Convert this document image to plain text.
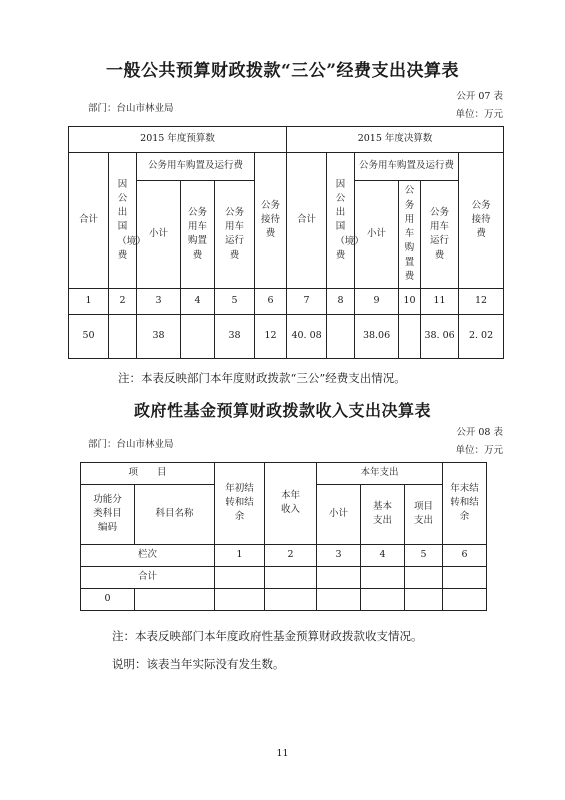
一般公共预算财政拨款“三公”经费支出决算表
公开 07 表
部门：台山市林业局
单位：万元
2015 年度预算数						2015 年度决算数					
合计	因公出国（境）费	公务用车购置及运行费			公务接待费	合计	因公出国（境）费	公务用车购置及运行费			公务接待费
		小计	公务用车购置费	公务用车运行费				小计	公务用车购置费	公务用车运行费	
1	2	3	4	5	6	7	8	9	10	11	12
50		38		38	12	40. 08		38.06		38. 06	2. 02
注：本表反映部门本年度财政拨款“三公”经费支出情况。
政府性基金预算财政拨款收入支出决算表
公开 08 表
部门：台山市林业局
单位：万元
项　　目		年初结转和结余	本年收入	本年支出			年末结转和结余
功能分类科目编码	科目名称			小计	基本支出	项目支出	
栏次		1	2	3	4	5	6
合计							
0							
注：本表反映部门本年度政府性基金预算财政拨款收支情况。
说明：该表当年实际没有发生数。
11
